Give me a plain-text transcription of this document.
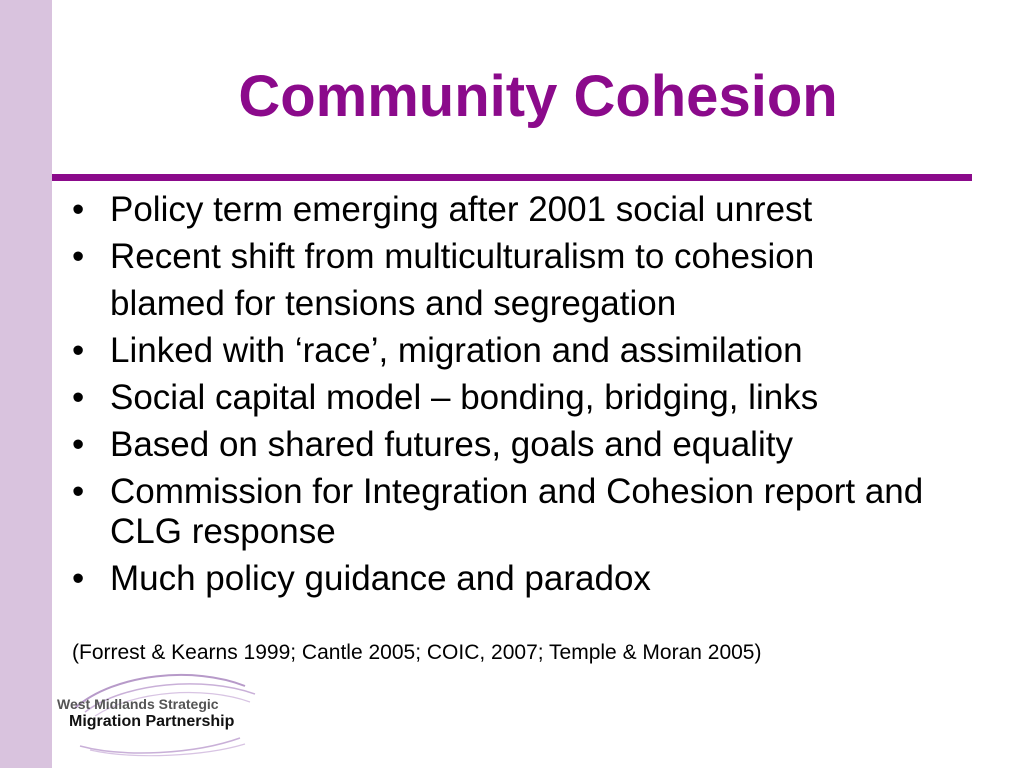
Community Cohesion
• Policy term emerging after 2001 social unrest
• Recent shift from multiculturalism to cohesion
blamed for tensions and segregation
• Linked with ‘race’, migration and assimilation
• Social capital model – bonding, bridging, links
• Based on shared futures, goals and equality
• Commission for Integration and Cohesion report and CLG response
• Much policy guidance and paradox
(Forrest & Kearns 1999; Cantle 2005; COIC, 2007; Temple & Moran 2005)
West Midlands Strategic
Migration Partnership
